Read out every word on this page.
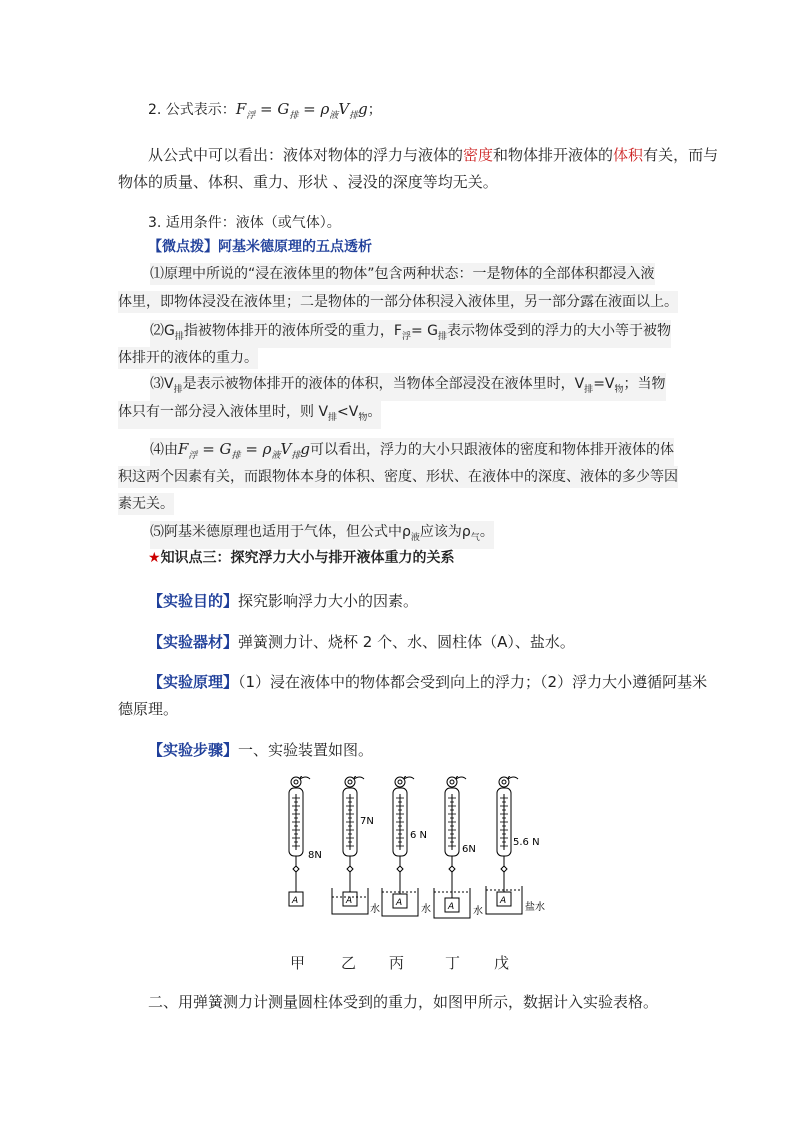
2. 公式表示：$F_浮 = G_排 = \rho_液V_排g$；
从公式中可以看出：液体对物体的浮力与液体的密度和物体排开液体的体积有关，而与
物体的质量、体积、重力、形状 、浸没的深度等均无关。
3. 适用条件：液体（或气体）。
【微点拨】阿基米德原理的五点透析
⑴原理中所说的“浸在液体里的物体”包含两种状态：一是物体的全部体积都浸入液
体里，即物体浸没在液体里；二是物体的一部分体积浸入液体里，另一部分露在液面以上。
$⑵G_排$指被物体排开的液体所受的重力，$F_浮= G_排$表示物体受到的浮力的大小等于被物
体排开的液体的重力。
$⑶V_排$是表示被物体排开的液体的体积，当物体全部浸没在液体里时，$V_排=V_物$；当物
体只有一部分浸入液体里时，则 $V_排<V_物$。
⑷由$F_浮 = G_排 = \rho_液V_排g$可以看出，浮力的大小只跟液体的密度和物体排开液体的体
积这两个因素有关，而跟物体本身的体积、密度、形状、在液体中的深度、液体的多少等因
素无关。
⑸阿基米德原理也适用于气体，但公式中$\rho_液$应该为$\rho_气$。
★知识点三：探究浮力大小与排开液体重力的关系
【实验目的】探究影响浮力大小的因素。
【实验器材】弹簧测力计、烧杯 2 个、水、圆柱体（A）、盐水。
【实验原理】（1）浸在液体中的物体都会受到向上的浮力；（2）浮力大小遵循阿基米
德原理。
【实验步骤】一、实验装置如图。
8N
A
7N
A
水
6 N
A
水
6N
A 水
5.6 N
A
盐水
甲 乙 丙	丁 戊
二、用弹簧测力计测量圆柱体受到的重力，如图甲所示，数据计入实验表格。
